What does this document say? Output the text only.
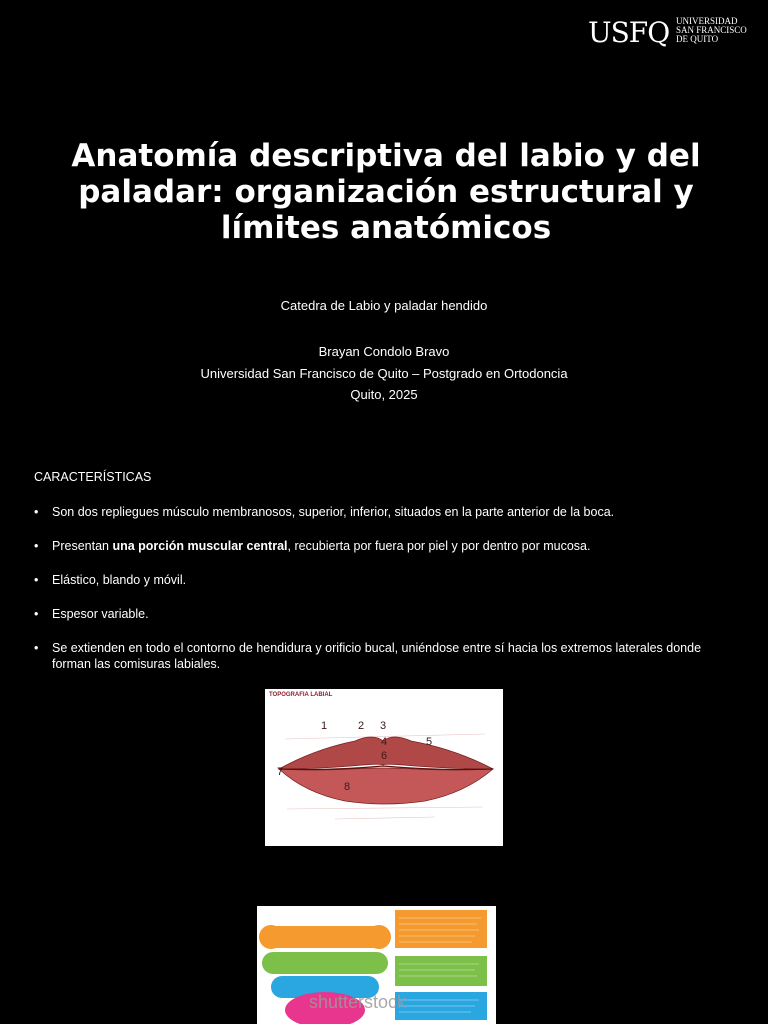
USFQ UNIVERSIDAD
SAN FRANCISCO
DE QUITO
Anatomía descriptiva del labio y del paladar: organización estructural y límites anatómicos
Catedra de Labio y paladar hendido
Brayan Condolo Bravo
Universidad San Francisco de Quito – Postgrado en Ortodoncia
Quito, 2025
CARACTERÍSTICAS
• Son dos repliegues músculo membranosos, superior, inferior, situados en la parte anterior de la boca.
• Presentan una porción muscular central, recubierta por fuera por piel y por dentro por mucosa.
• Elástico, blando y móvil.
• Espesor variable.
• Se extienden en todo el contorno de hendidura y orificio bucal, uniéndose entre sí hacia los extremos laterales donde forman las comisuras labiales.
TOPOGRAFIA LABIAL
1	2 3
4	5
6
7
8
shutterstock
